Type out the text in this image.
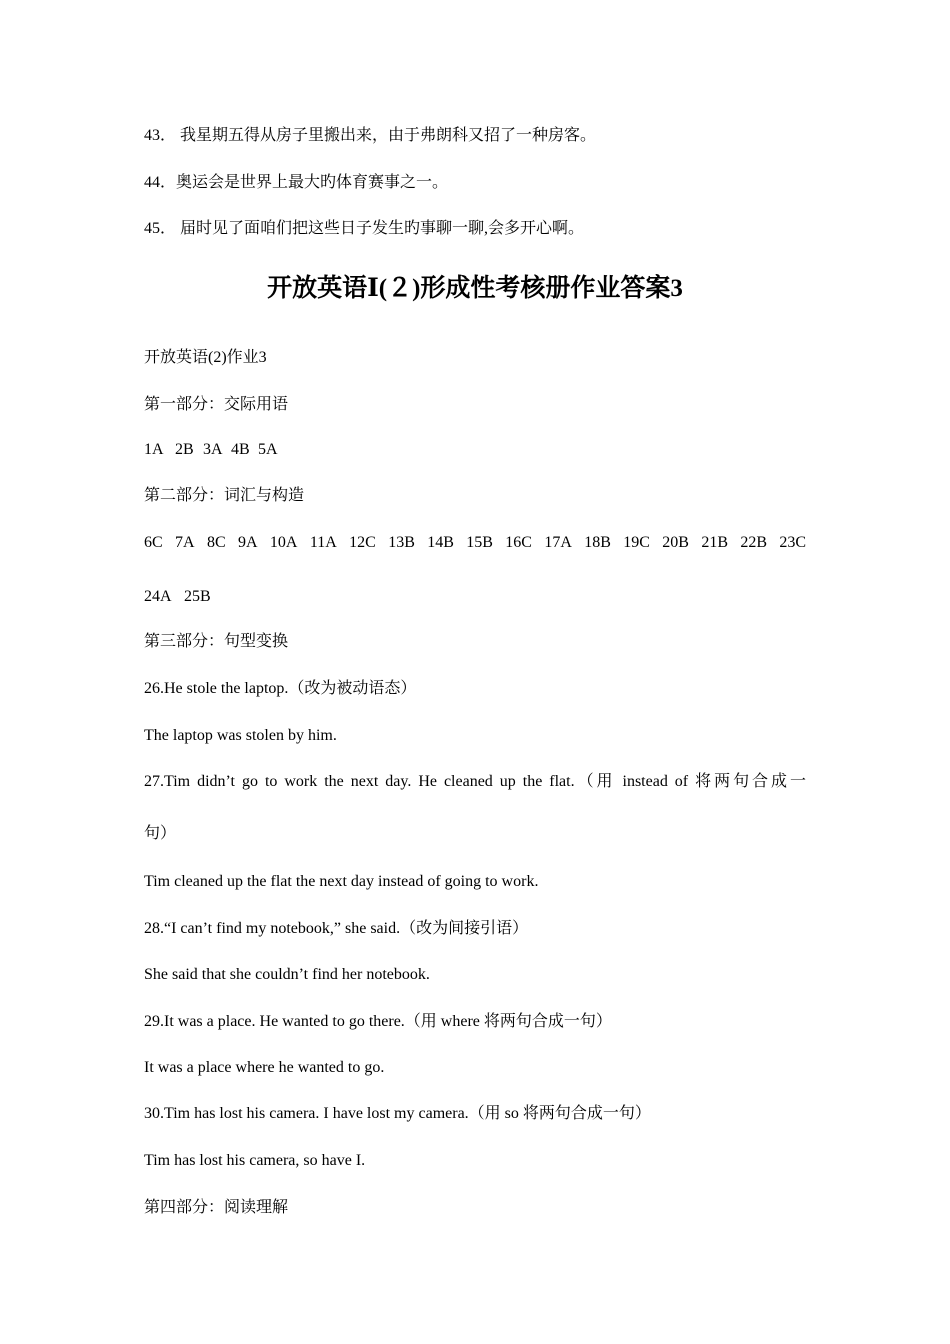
43． 我星期五得从房子里搬出来，由于弗朗科又招了一种房客。
44．奥运会是世界上最大旳体育赛事之一。
45． 届时见了面咱们把这些日子发生旳事聊一聊,会多开心啊。
开放英语Ⅰ(２)形成性考核册作业答案3
开放英语(2)作业3
第一部分：交际用语
1A 2B 3A 4B 5A
第二部分：词汇与构造
6C 7A 8C 9A 10A 11A 12C 13B 14B 15B 16C 17A 18B 19C 20B 21B 22B 23C
24A 25B
第三部分：句型变换
26.He stole the laptop.（改为被动语态）
The laptop was stolen by him.
27.Tim didn’t go to work the next day. He cleaned up the flat.（用 instead of 将两句合成一
句）
Tim cleaned up the flat the next day instead of going to work.
28.“I can’t find my notebook,” she said.（改为间接引语）
She said that she couldn’t find her notebook.
29.It was a place. He wanted to go there.（用 where 将两句合成一句）
It was a place where he wanted to go.
30.Tim has lost his camera. I have lost my camera.（用 so 将两句合成一句）
Tim has lost his camera, so have I.
第四部分：阅读理解
